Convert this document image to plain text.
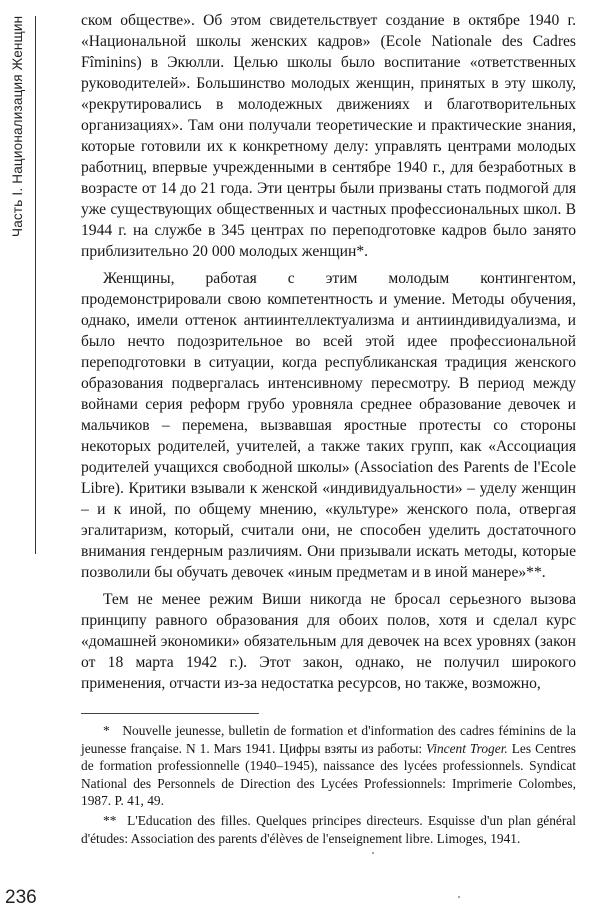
Часть I. Национализация Женщин	ском обществе». Об этом свидетельствует создание в октябре 1940 г. «Национальной школы женских кадров» (Ecole Nationale des Cadres Fîminins) в Экюлли. Целью школы было воспитание «ответственных руководителей». Большинство молодых женщин, принятых в эту школу, «рекрутировались в молодежных движениях и благотворительных организациях». Там они получали теоретические и практические знания, которые готовили их к конкретному делу: управлять центрами молодых работниц, впервые учрежденными в сентябре 1940 г., для безработных в возрасте от 14 до 21 года. Эти центры были призваны стать подмогой для уже существующих общественных и частных профессиональных школ. В 1944 г. на службе в 345 центрах по переподготовке кадров было занято приблизительно 20 000 молодых женщин*.

Женщины, работая с этим молодым контингентом, продемонстрировали свою компетентность и умение. Методы обучения, однако, имели оттенок антиинтеллектуализма и антииндивидуализма, и было нечто подозрительное во всей этой идее профессиональной переподготовки в ситуации, когда республиканская традиция женского образования подвергалась интенсивному пересмотру. В период между войнами серия реформ грубо уровняла среднее образование девочек и мальчиков – перемена, вызвавшая яростные протесты со стороны некоторых родителей, учителей, а также таких групп, как «Ассоциация родителей учащихся свободной школы» (Association des Parents de l'Ecole Libre). Критики взывали к женской «индивидуальности» – уделу женщин – и к иной, по общему мнению, «культуре» женского пола, отвергая эгалитаризм, который, считали они, не способен уделить достаточного внимания гендерным различиям. Они призывали искать методы, которые позволили бы обучать девочек «иным предметам и в иной манере»**.

Тем не менее режим Виши никогда не бросал серьезного вызова принципу равного образования для обоих полов, хотя и сделал курс «домашней экономики» обязательным для девочек на всех уровнях (закон от 18 марта 1942 г.). Этот закон, однако, не получил широкого применения, отчасти из-за недостатка ресурсов, но также, возможно,

* Nouvelle jeunesse, bulletin de formation et d'information des cadres féminins de la jeunesse française. N 1. Mars 1941. Цифры взяты из работы: Vincent Troger. Les Centres de formation professionnelle (1940–1945), naissance des lycées professionnels. Syndicat National des Personnels de Direction des Lycées Professionnels: Imprimerie Colombes, 1987. P. 41, 49.

** L'Education des filles. Quelques principes directeurs. Esquisse d'un plan général d'études: Association des parents d'élèves de l'enseignement libre. Limoges, 1941.

236
